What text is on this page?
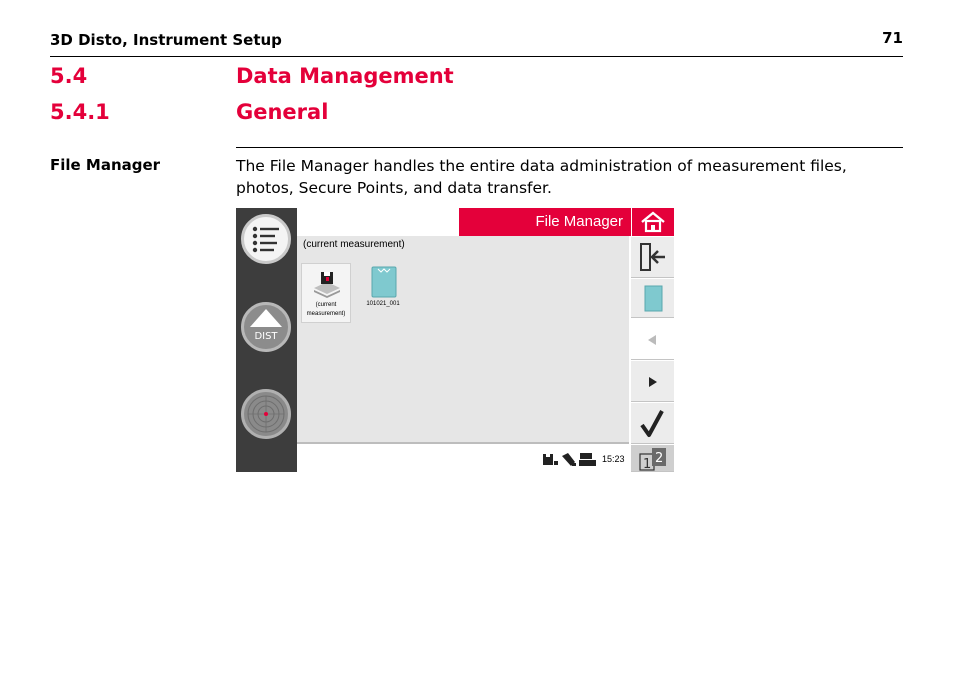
3D Disto, Instrument Setup	71
5.4	Data Management
5.4.1	General
File Manager	The File Manager handles the entire data administration of measurement files, photos, Secure Points, and data transfer.
DIST
File Manager
(current measurement)
(current
measurement)
101021_001
15:23 1 2
